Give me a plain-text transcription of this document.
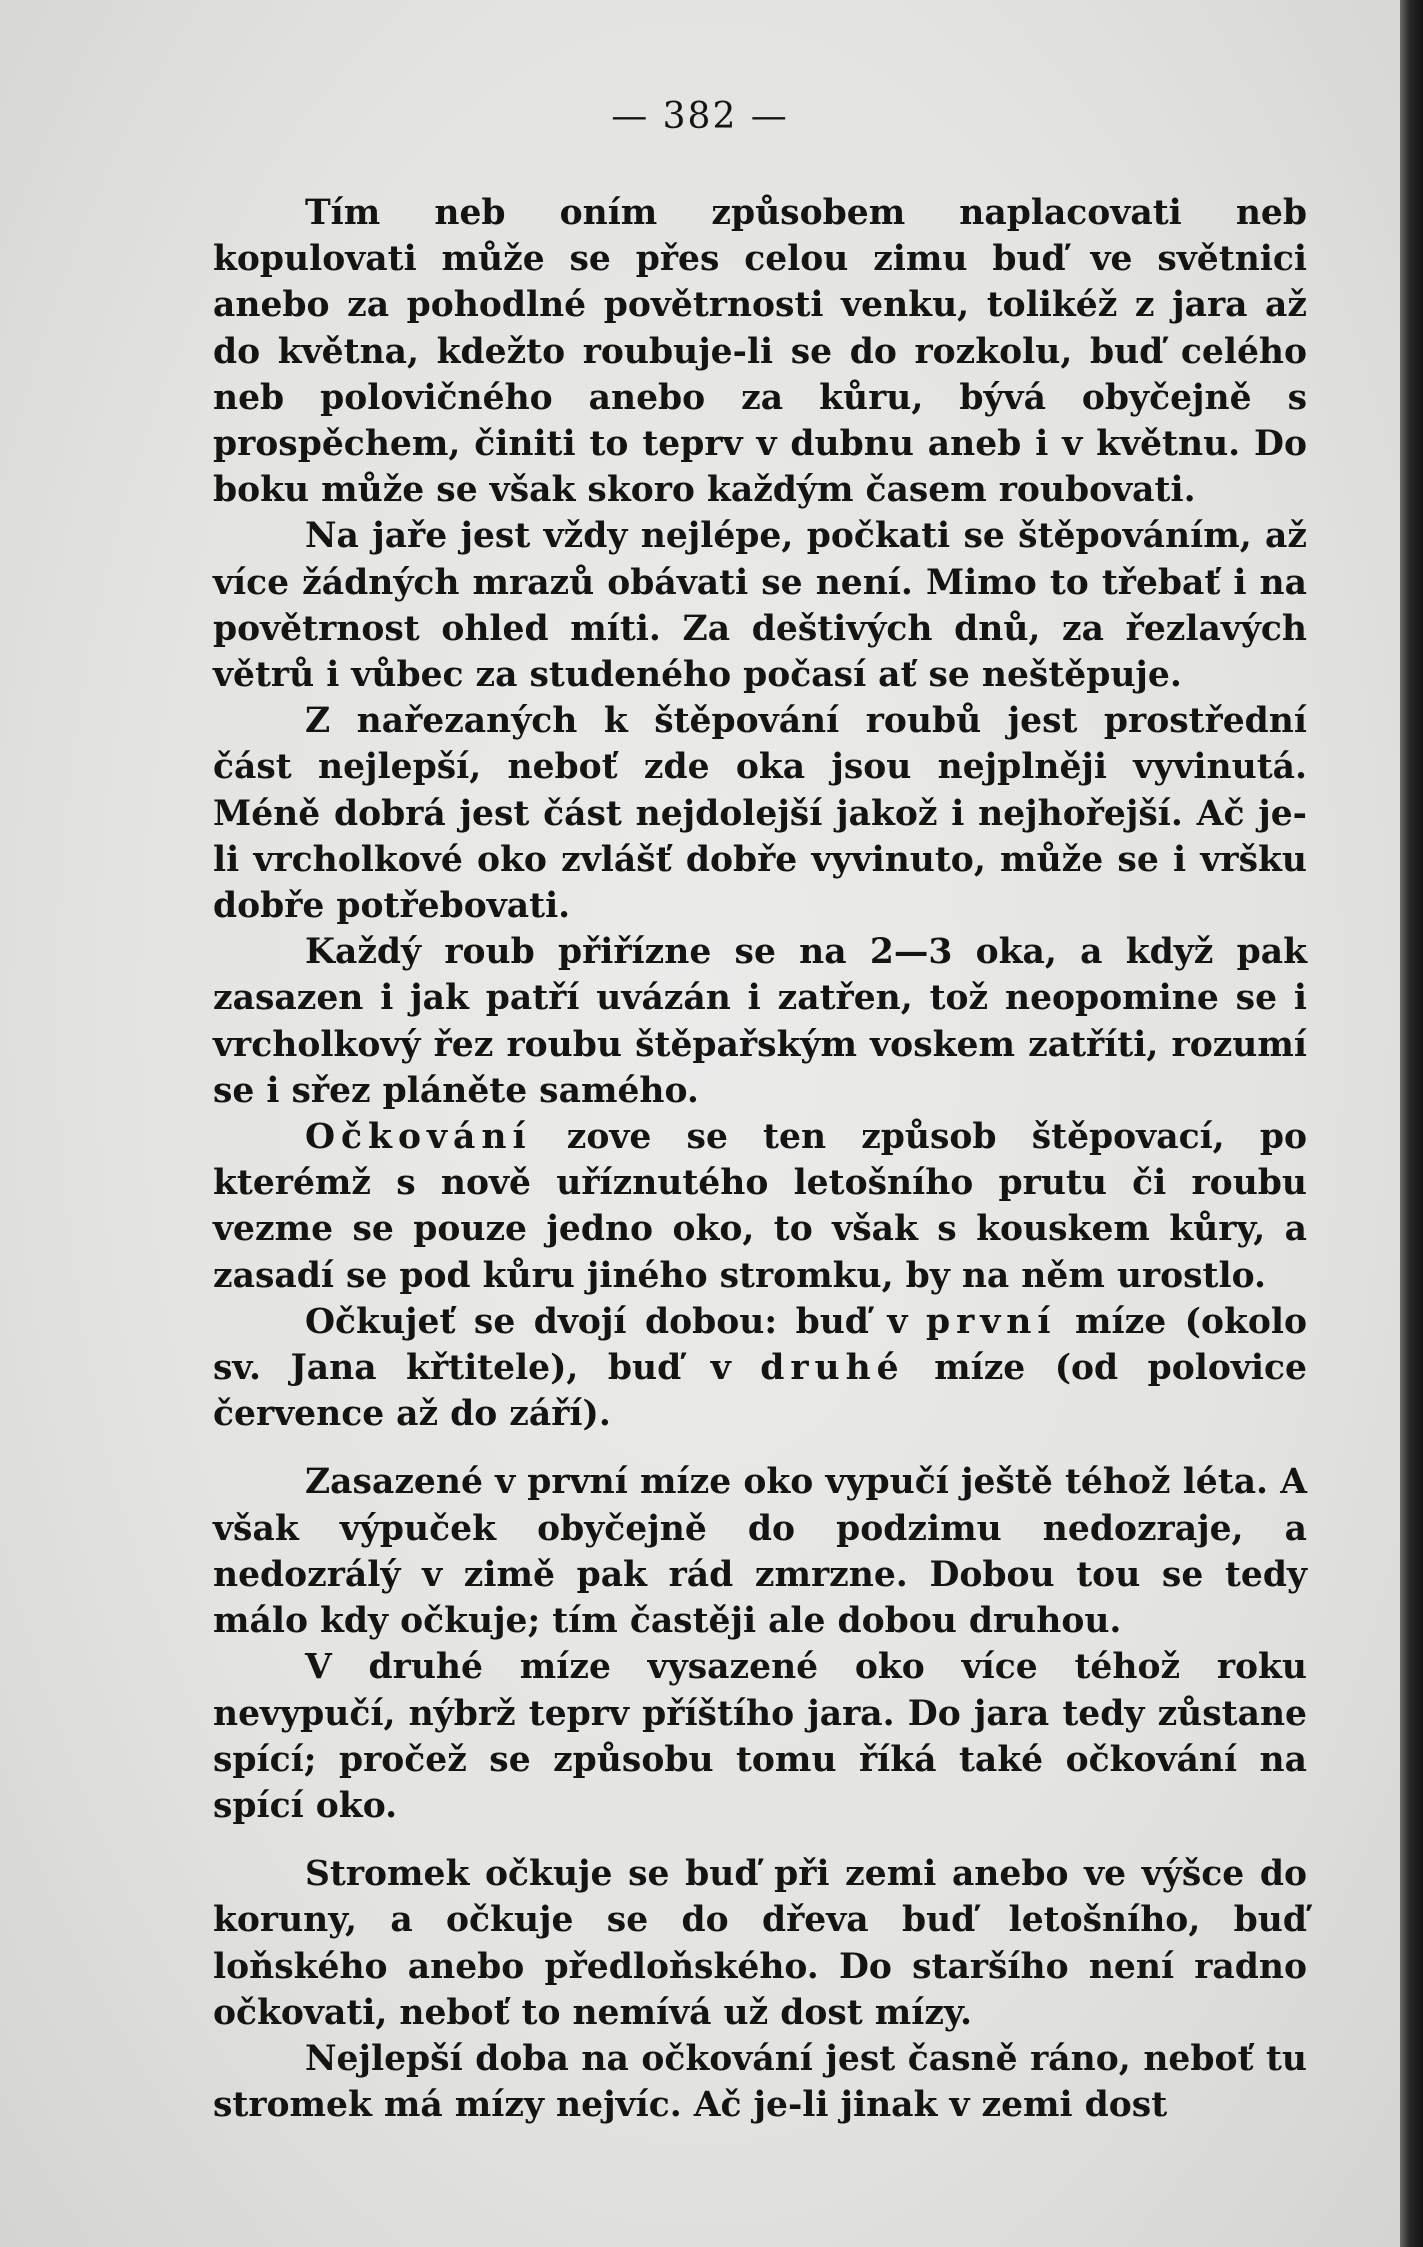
— 382 —

Tím neb oním způsobem naplacovati neb kopulovati může se přes celou zimu buď ve světnici anebo za pohodlné povětrnosti venku, tolikéž z jara až do května, kdežto roubuje-li se do rozkolu, buď celého neb polovičného anebo za kůru, bývá obyčejně s prospěchem, činiti to teprv v dubnu aneb i v květnu. Do boku může se však skoro každým časem roubovati.

Na jaře jest vždy nejlépe, počkati se štěpováním, až více žádných mrazů obávati se není. Mimo to třebať i na povětrnost ohled míti. Za deštivých dnů, za řezlavých větrů i vůbec za studeného počasí ať se neštěpuje.

Z nařezaných k štěpování roubů jest prostřední část nejlepší, neboť zde oka jsou nejplněji vyvinutá. Méně dobrá jest část nejdolejší jakož i nejhořejší. Ač je-li vrcholkové oko zvlášť dobře vyvinuto, může se i vršku dobře potřebovati.

Každý roub přiřízne se na 2—3 oka, a když pak zasazen i jak patří uvázán i zatřen, tož neopomine se i vrcholkový řez roubu štěpařským voskem zatříti, rozumí se i sřez pláněte samého.

Očkování zove se ten způsob štěpovací, po kterémž s nově uříznutého letošního prutu či roubu vezme se pouze jedno oko, to však s kouskem kůry, a zasadí se pod kůru jiného stromku, by na něm urostlo.

Očkujeť se dvojí dobou: buď v první míze (okolo sv. Jana křtitele), buď v druhé míze (od polovice července až do září).

Zasazené v první míze oko vypučí ještě téhož léta. A však výpuček obyčejně do podzimu nedozraje, a nedozrálý v zimě pak rád zmrzne. Dobou tou se tedy málo kdy očkuje; tím častěji ale dobou druhou.

V druhé míze vysazené oko více téhož roku nevypučí, nýbrž teprv příštího jara. Do jara tedy zůstane spící; pročež se způsobu tomu říká také očkování na spící oko.

Stromek očkuje se buď při zemi anebo ve výšce do koruny, a očkuje se do dřeva buď letošního, buď loňského anebo předloňského. Do staršího není radno očkovati, neboť to nemívá už dost mízy.

Nejlepší doba na očkování jest časně ráno, neboť tu stromek má mízy nejvíc. Ač je-li jinak v zemi dost
